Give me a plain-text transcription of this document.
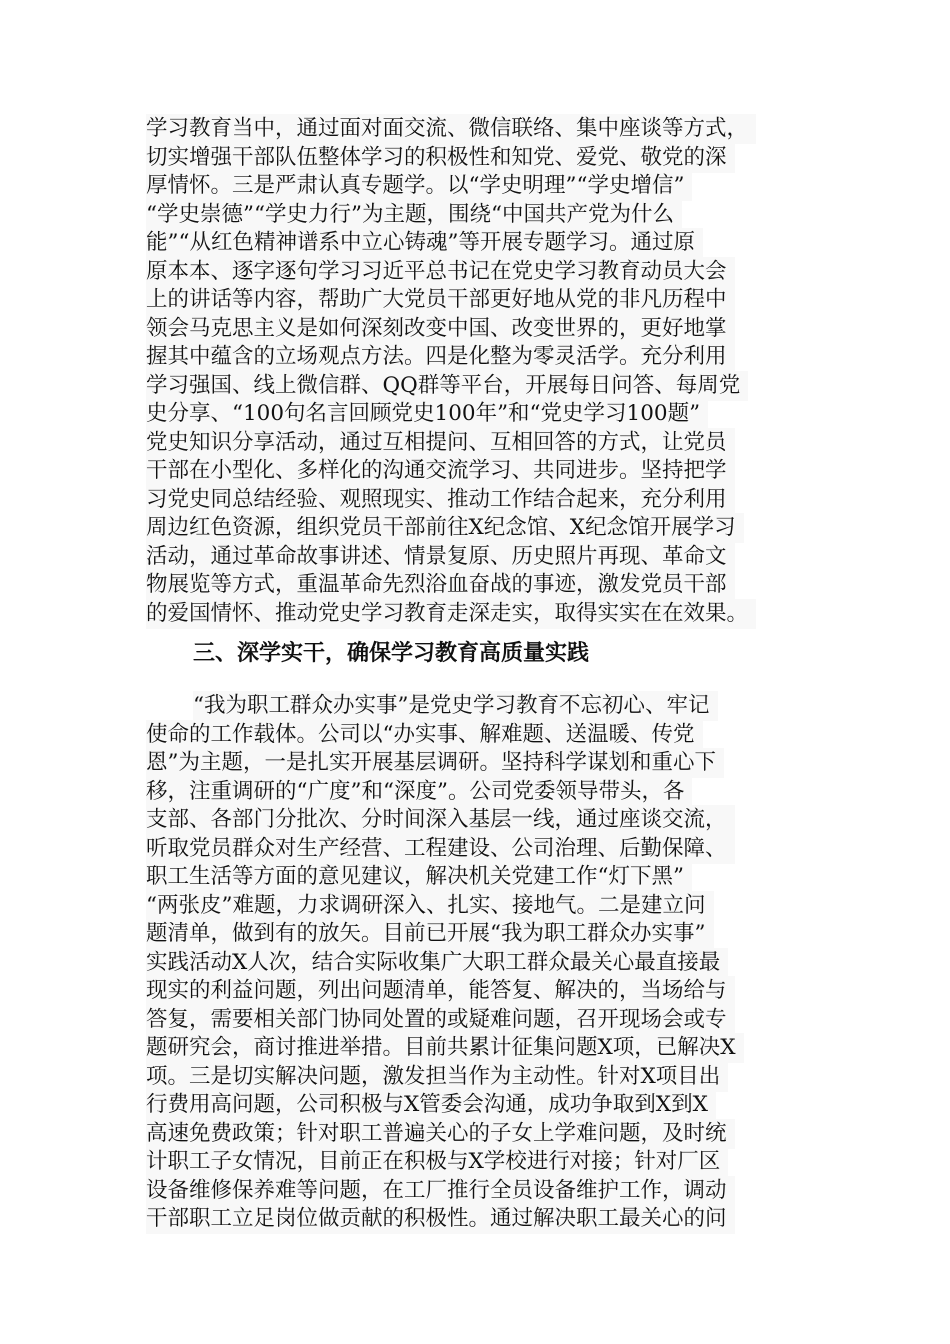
学习教育当中，通过面对面交流、微信联络、集中座谈等方式，
切实增强干部队伍整体学习的积极性和知党、爱党、敬党的深
厚情怀。三是严肃认真专题学。以“学史明理”“学史增信”
“学史崇德”“学史力行”为主题，围绕“中国共产党为什么
能”“从红色精神谱系中立心铸魂”等开展专题学习。通过原
原本本、逐字逐句学习习近平总书记在党史学习教育动员大会
上的讲话等内容，帮助广大党员干部更好地从党的非凡历程中
领会马克思主义是如何深刻改变中国、改变世界的，更好地掌
握其中蕴含的立场观点方法。四是化整为零灵活学。充分利用
学习强国、线上微信群、QQ群等平台，开展每日问答、每周党
史分享、“100句名言回顾党史100年”和“党史学习100题”
党史知识分享活动，通过互相提问、互相回答的方式，让党员
干部在小型化、多样化的沟通交流学习、共同进步。坚持把学
习党史同总结经验、观照现实、推动工作结合起来，充分利用
周边红色资源，组织党员干部前往X纪念馆、X纪念馆开展学习
活动，通过革命故事讲述、情景复原、历史照片再现、革命文
物展览等方式，重温革命先烈浴血奋战的事迹，激发党员干部
的爱国情怀、推动党史学习教育走深走实，取得实实在在效果。
三、深学实干，确保学习教育高质量实践
“我为职工群众办实事”是党史学习教育不忘初心、牢记
使命的工作载体。公司以“办实事、解难题、送温暖、传党
恩”为主题，一是扎实开展基层调研。坚持科学谋划和重心下
移，注重调研的“广度”和“深度”。公司党委领导带头，各
支部、各部门分批次、分时间深入基层一线，通过座谈交流，
听取党员群众对生产经营、工程建设、公司治理、后勤保障、
职工生活等方面的意见建议，解决机关党建工作“灯下黑”
“两张皮”难题，力求调研深入、扎实、接地气。二是建立问
题清单，做到有的放矢。目前已开展“我为职工群众办实事”
实践活动X人次，结合实际收集广大职工群众最关心最直接最
现实的利益问题，列出问题清单，能答复、解决的，当场给与
答复，需要相关部门协同处置的或疑难问题，召开现场会或专
题研究会，商讨推进举措。目前共累计征集问题X项，已解决X
项。三是切实解决问题，激发担当作为主动性。针对X项目出
行费用高问题，公司积极与X管委会沟通，成功争取到X到X
高速免费政策；针对职工普遍关心的子女上学难问题，及时统
计职工子女情况，目前正在积极与X学校进行对接；针对厂区
设备维修保养难等问题，在工厂推行全员设备维护工作，调动
干部职工立足岗位做贡献的积极性。通过解决职工最关心的问
